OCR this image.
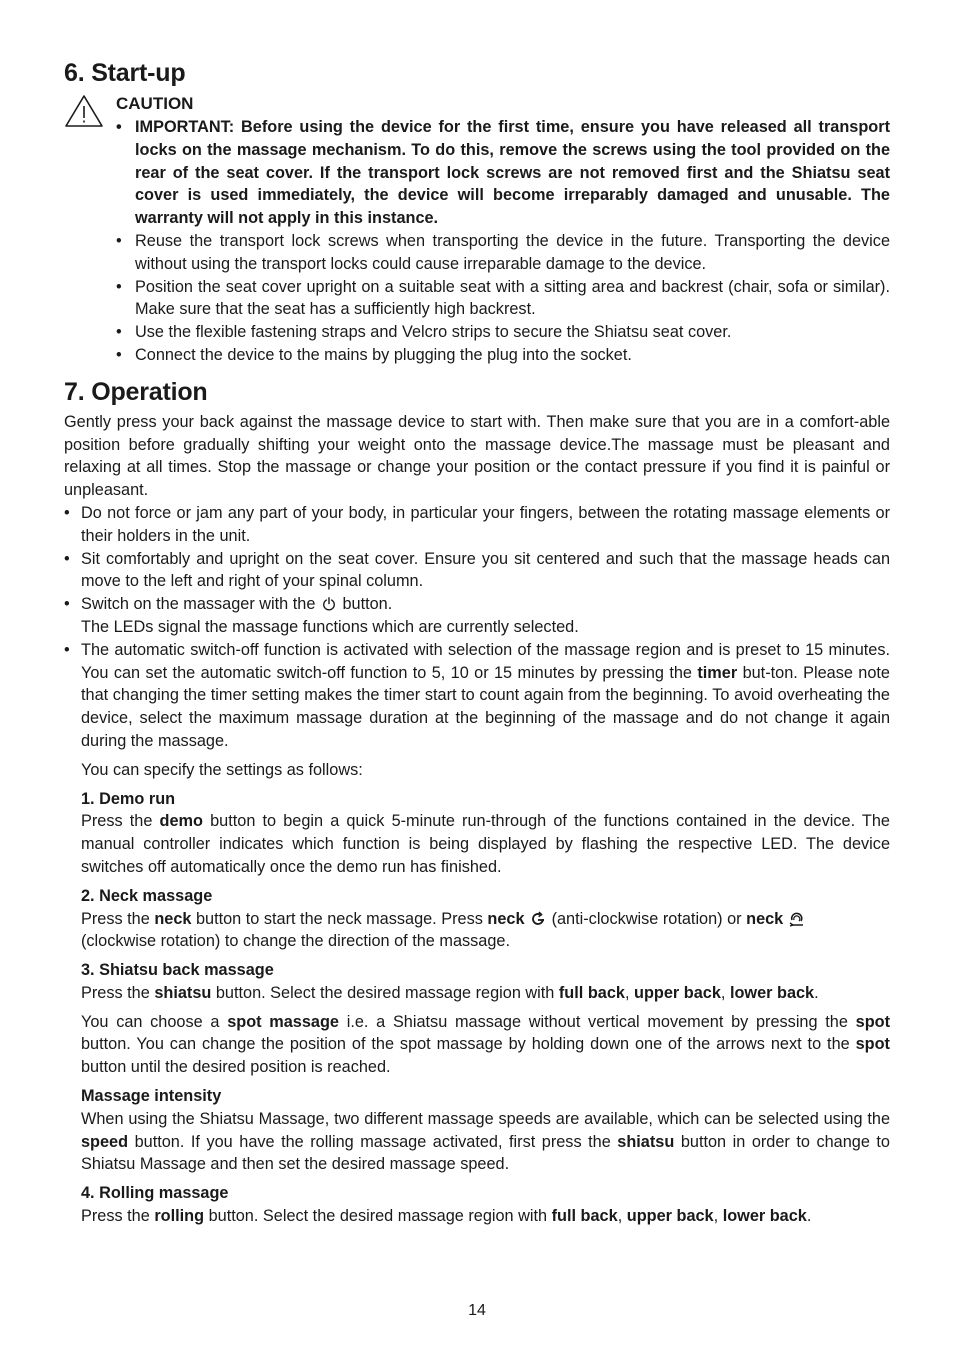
6. Start-up
CAUTION
• IMPORTANT: Before using the device for the first time, ensure you have released all transport locks on the massage mechanism. To do this, remove the screws using the tool provided on the rear of the seat cover. If the transport lock screws are not removed first and the Shiatsu seat cover is used immediately, the device will become irreparably damaged and unusable. The warranty will not apply in this instance.
• Reuse the transport lock screws when transporting the device in the future. Transporting the device without using the transport locks could cause irreparable damage to the device.
• Position the seat cover upright on a suitable seat with a sitting area and backrest (chair, sofa or similar). Make sure that the seat has a sufficiently high backrest.
• Use the flexible fastening straps and Velcro strips to secure the Shiatsu seat cover.
• Connect the device to the mains by plugging the plug into the socket.
7. Operation

Gently press your back against the massage device to start with. Then make sure that you are in a comfort-able position before gradually shifting your weight onto the massage device.The massage must be pleasant and relaxing at all times. Stop the massage or change your position or the contact pressure if you find it is painful or unpleasant.

• Do not force or jam any part of your body, in particular your fingers, between the rotating massage elements or their holders in the unit.
• Sit comfortably and upright on the seat cover. Ensure you sit centered and such that the massage heads can move to the left and right of your spinal column.
• Switch on the massager with the button.
The LEDs signal the massage functions which are currently selected.
• The automatic switch-off function is activated with selection of the massage region and is preset to 15 minutes. You can set the automatic switch-off function to 5, 10 or 15 minutes by pressing the timer but-ton. Please note that changing the timer setting makes the timer start to count again from the beginning. To avoid overheating the device, select the maximum massage duration at the beginning of the massage and do not change it again during the massage.

You can specify the settings as follows:

1. Demo run

Press the demo button to begin a quick 5-minute run-through of the functions contained in the device. The manual controller indicates which function is being displayed by flashing the respective LED. The device switches off automatically once the demo run has finished.

2. Neck massage

Press the neck button to start the neck massage. Press neck (anti-clockwise rotation) or neck
(clockwise rotation) to change the direction of the massage.

3. Shiatsu back massage

Press the shiatsu button. Select the desired massage region with full back, upper back, lower back.

You can choose a spot massage i.e. a Shiatsu massage without vertical movement by pressing the spot button. You can change the position of the spot massage by holding down one of the arrows next to the spot button until the desired position is reached.

Massage intensity

When using the Shiatsu Massage, two different massage speeds are available, which can be selected using the speed button. If you have the rolling massage activated, first press the shiatsu button in order to change to Shiatsu Massage and then set the desired massage speed.

4. Rolling massage

Press the rolling button. Select the desired massage region with full back, upper back, lower back.

14
